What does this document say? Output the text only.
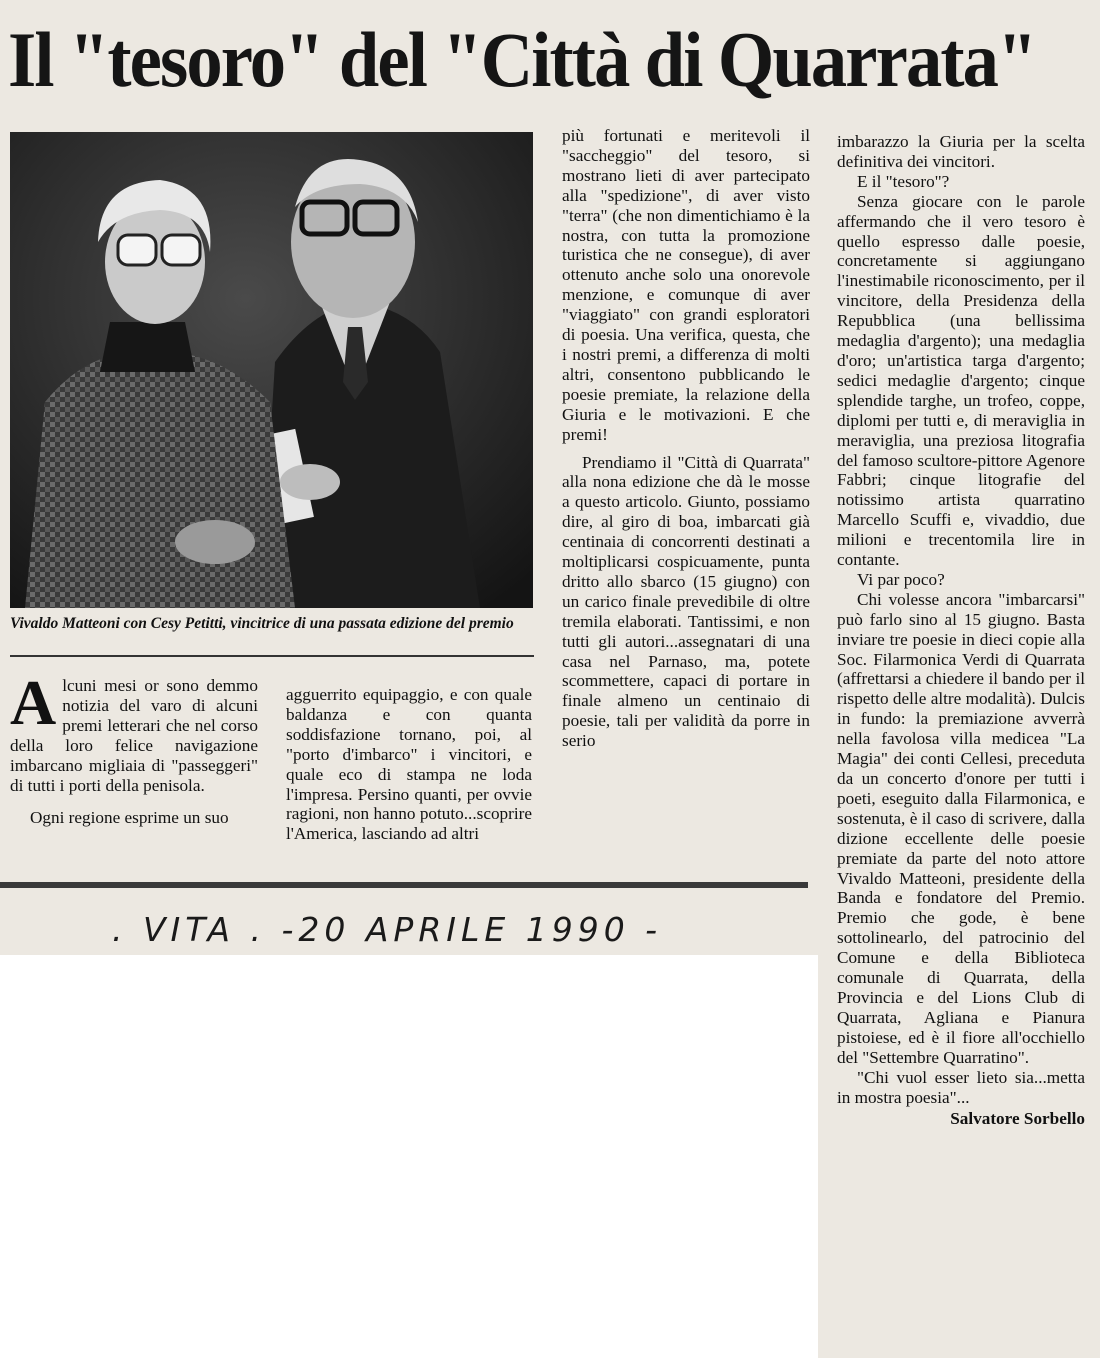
Il "tesoro" del "Città di Quarrata"

Vivaldo Matteoni con Cesy Petitti, vincitrice di una passata edizione del premio

Alcuni mesi or sono demmo notizia del varo di alcuni premi letterari che nel corso della loro felice navigazione imbarcano migliaia di "passeggeri" di tutti i porti della penisola.

Ogni regione esprime un suo

agguerrito equipaggio, e con quale baldanza e con quanta soddisfazione tornano, poi, al "porto d'imbarco" i vincitori, e quale eco di stampa ne loda l'impresa. Persino quanti, per ovvie ragioni, non hanno potuto...scoprire l'America, lasciando ad altri

più fortunati e meritevoli il "saccheggio" del tesoro, si mostrano lieti di aver partecipato alla "spedizione", di aver visto "terra" (che non dimentichiamo è la nostra, con tutta la promozione turistica che ne consegue), di aver ottenuto anche solo una onorevole menzione, e comunque di aver "viaggiato" con grandi esploratori di poesia. Una verifica, questa, che i nostri premi, a differenza di molti altri, consentono pubblicando le poesie premiate, la relazione della Giuria e le motivazioni. E che premi!

Prendiamo il "Città di Quarrata" alla nona edizione che dà le mosse a questo articolo. Giunto, possiamo dire, al giro di boa, imbarcati già centinaia di concorrenti destinati a moltiplicarsi cospicuamente, punta dritto allo sbarco (15 giugno) con un carico finale prevedibile di oltre tremila elaborati. Tantissimi, e non tutti gli autori...assegnatari di una casa nel Parnaso, ma, potete scommettere, capaci di portare in finale almeno un centinaio di poesie, tali per validità da porre in serio

imbarazzo la Giuria per la scelta definitiva dei vincitori.

E il "tesoro"?

Senza giocare con le parole affermando che il vero tesoro è quello espresso dalle poesie, concretamente si aggiungano l'inestimabile riconoscimento, per il vincitore, della Presidenza della Repubblica (una bellissima medaglia d'argento); una medaglia d'oro; un'artistica targa d'argento; sedici medaglie d'argento; cinque splendide targhe, un trofeo, coppe, diplomi per tutti e, di meraviglia in meraviglia, una preziosa litografia del famoso scultore-pittore Agenore Fabbri; cinque litografie del notissimo artista quarratino Marcello Scuffi e, vivaddio, due milioni e trecentomila lire in contante.

Vi par poco?

Chi volesse ancora "imbarcarsi" può farlo sino al 15 giugno. Basta inviare tre poesie in dieci copie alla Soc. Filarmonica Verdi di Quarrata (affrettarsi a chiedere il bando per il rispetto delle altre modalità). Dulcis in fundo: la premiazione avverrà nella favolosa villa medicea "La Magia" dei conti Cellesi, preceduta da un concerto d'onore per tutti i poeti, eseguito dalla Filarmonica, e sostenuta, è il caso di scrivere, dalla dizione eccellente delle poesie premiate da parte del noto attore Vivaldo Matteoni, presidente della Banda e fondatore del Premio. Premio che gode, è bene sottolinearlo, del patrocinio del Comune e della Biblioteca comunale di Quarrata, della Provincia e del Lions Club di Quarrata, Agliana e Pianura pistoiese, ed è il fiore all'occhiello del "Settembre Quarratino".

"Chi vuol esser lieto sia...metta in mostra poesia"...

Salvatore Sorbello

. VITA . -20 APRILE 1990 -
